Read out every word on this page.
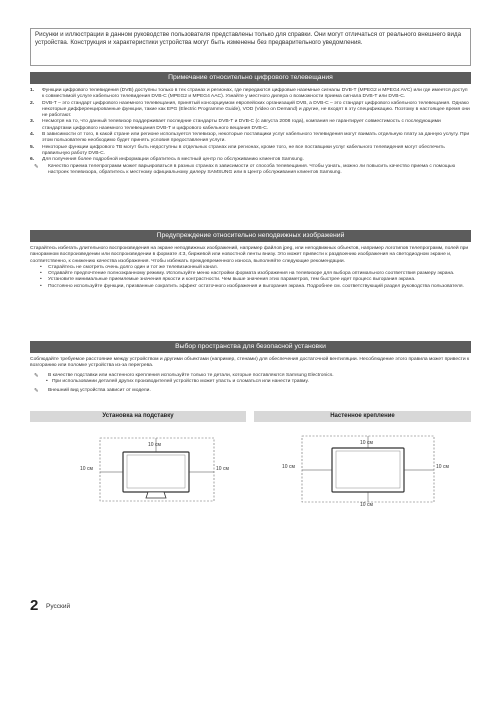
Рисунки и иллюстрации в данном руководстве пользователя представлены только для справки. Они могут отличаться от реального внешнего вида устройства. Конструкция и характеристики устройства могут быть изменены без предварительного уведомления.
Примечание относительно цифрового телевещания
1. Функции цифрового телевидения (DVB) доступны только в тех странах и регионах, где передаются цифровые наземные сигналы DVB-T (MPEG2 и MPEG4 AVC) или где имеется доступ к совместимой услуге кабельного телевидения DVB-C (MPEG2 и MPEG4 AAC). Узнайте у местного дилера о возможности приема сигнала DVB-T или DVB-C.
2. DVB-T – это стандарт цифрового наземного телевещания, принятый консорциумом европейских организаций DVB, а DVB-C – это стандарт цифрового кабельного телевещания. Однако некоторые дифференцированные функции, такие как EPG (Electric Programme Guide), VOD (Video on Demand) и другие, не входят в эту спецификацию. Поэтому в настоящее время они не работают.
3. Несмотря на то, что данный телевизор поддерживает последние стандарты DVB-T и DVB-C (с августа 2008 года), компания не гарантирует совместимость с последующими стандартами цифрового наземного телевещания DVB-T и цифрового кабельного вещания DVB-C.
4. В зависимости от того, в какой стране или регионе используется телевизор, некоторые поставщики услуг кабельного телевидения могут взимать отдельную плату за данную услугу. При этом пользователю необходимо будет принять условия предоставления услуги.
5. Некоторые функции цифрового ТВ могут быть недоступны в отдельных странах или регионах, кроме того, не все поставщики услуг кабельного телевидения могут обеспечить правильную работу DVB-C.
6. Для получения более подробной информации обратитесь в местный центр по обслуживанию клиентов Samsung.
✎ Качество приема телепрограмм может варьироваться в разных странах в зависимости от способа телевещания. Чтобы узнать, можно ли повысить качество приема с помощью настроек телевизора, обратитесь к местному официальному дилеру SAMSUNG или в Центр обслуживания клиентов Samsung.
Предупреждение относительно неподвижных изображений
Старайтесь избегать длительного воспроизведения на экране неподвижных изображений, например файлов jpeg, или неподвижных объектов, например логотипов телепрограмм, полей при панорамном воспроизведении или воспроизведении в формате 4:3, биржевой или новостной ленты внизу. Это может привести к раздвоению изображения на светодиодном экране и, соответственно, к снижению качества изображения. Чтобы избежать преждевременного износа, выполняйте следующие рекомендации.
• Старайтесь не смотреть очень долго один и тот же телевизионный канал.
• Отдавайте предпочтение полноэкранному режиму. Используйте меню настройки формата изображения на телевизоре для выбора оптимального соответствия размеру экрана.
• Установите минимальные приемлемые значения яркости и контрастности. Чем выше значения этих параметров, тем быстрее идет процесс выгорания экрана.
• Постоянно используйте функции, призванные сократить эффект остаточного изображения и выгорания экрана. Подробнее см. соответствующий раздел руководства пользователя.
Выбор пространства для безопасной установки
Соблюдайте требуемое расстояние между устройством и другими объектами (например, стенами) для обеспечения достаточной вентиляции. Несоблюдение этого правила может привести к возгоранию или поломке устройства из-за перегрева.
✎ В качестве подставки или настенного крепления используйте только те детали, которые поставляются Samsung Electronics.
• При использовании деталей других производителей устройство может упасть и сломаться или нанести травму.
✎ Внешний вид устройства зависит от модели.
Установка на подставку	Настенное крепление
10 см
10 см	10 см
10 см
10 см	10 см
10 см
2 Русский
